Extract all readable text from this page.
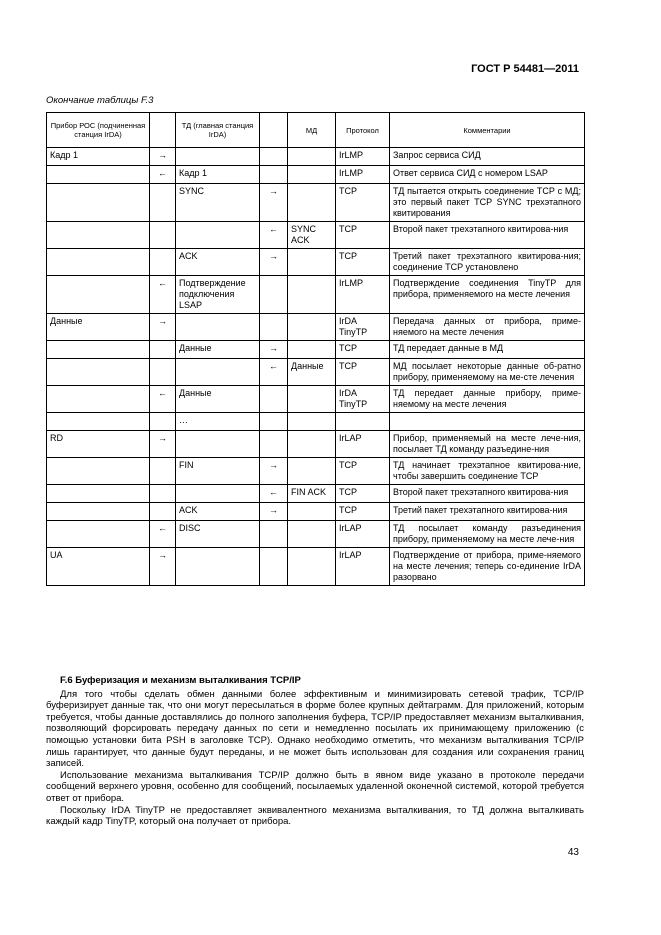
ГОСТ Р 54481—2011
Окончание таблицы F.3
Прибор РОС (подчиненная станция IrDA)		ТД (главная станция IrDA)		МД	Протокол	Комментарии
Кадр 1	→				IrLMP	Запрос сервиса СИД
	←	Кадр 1			IrLMP	Ответ сервиса СИД с номером LSAP
		SYNC	→		TCP	ТД пытается открыть соединение TCP с МД; это первый пакет TCP SYNC трехэтапного квитирования
			←	SYNC ACK	TCP	Второй пакет трехэтапного квитирова-ния
		ACK	→		TCP	Третий пакет трехэтапного квитирова-ния; соединение TCP установлено
	←	Подтверждение подключения LSAP			IrLMP	Подтверждение соединения TinyTP для прибора, применяемого на месте лечения
Данные	→				IrDA TinyTP	Передача данных от прибора, приме-няемого на месте лечения
		Данные	→		TCP	ТД передает данные в МД
			←	Данные	TCP	МД посылает некоторые данные об-ратно прибору, применяемому на ме-сте лечения
	←	Данные			IrDA TinyTP	ТД передает данные прибору, приме-няемому на месте лечения
		…				
RD	→				IrLAP	Прибор, применяемый на месте лече-ния, посылает ТД команду разъедине-ния
		FIN	→		TCP	ТД начинает трехэтапное квитирова-ние, чтобы завершить соединение TCP
			←	FIN ACK	TCP	Второй пакет трехэтапного квитирова-ния
		ACK	→		TCP	Третий пакет трехэтапного квитирова-ния
	←	DISC			IrLAP	ТД посылает команду разъединения прибору, применяемому на месте лече-ния
UA	→				IrLAP	Подтверждение от прибора, приме-няемого на месте лечения; теперь со-единение IrDA разорвано
F.6 Буферизация и механизм выталкивания TCP/IP

Для того чтобы сделать обмен данными более эффективным и минимизировать сетевой трафик, TCP/IP буферизирует данные так, что они могут пересылаться в форме более крупных дейтаграмм. Для приложений, которым требуется, чтобы данные доставлялись до полного заполнения буфера, TCP/IP предоставляет механизм выталкивания, позволяющий форсировать передачу данных по сети и немедленно посылать их принимающему приложению (с помощью установки бита PSH в заголовке TCP). Однако необходимо отметить, что механизм выталкивания TCP/IP лишь гарантирует, что данные будут переданы, и не может быть использован для создания или сохранения границ записей.

Использование механизма выталкивания TCP/IP должно быть в явном виде указано в протоколе передачи сообщений верхнего уровня, особенно для сообщений, посылаемых удаленной оконечной системой, которой требуется ответ от прибора.

Поскольку IrDA TinyTP не предоставляет эквивалентного механизма выталкивания, то ТД должна выталкивать каждый кадр TinyTP, который она получает от прибора.

43
